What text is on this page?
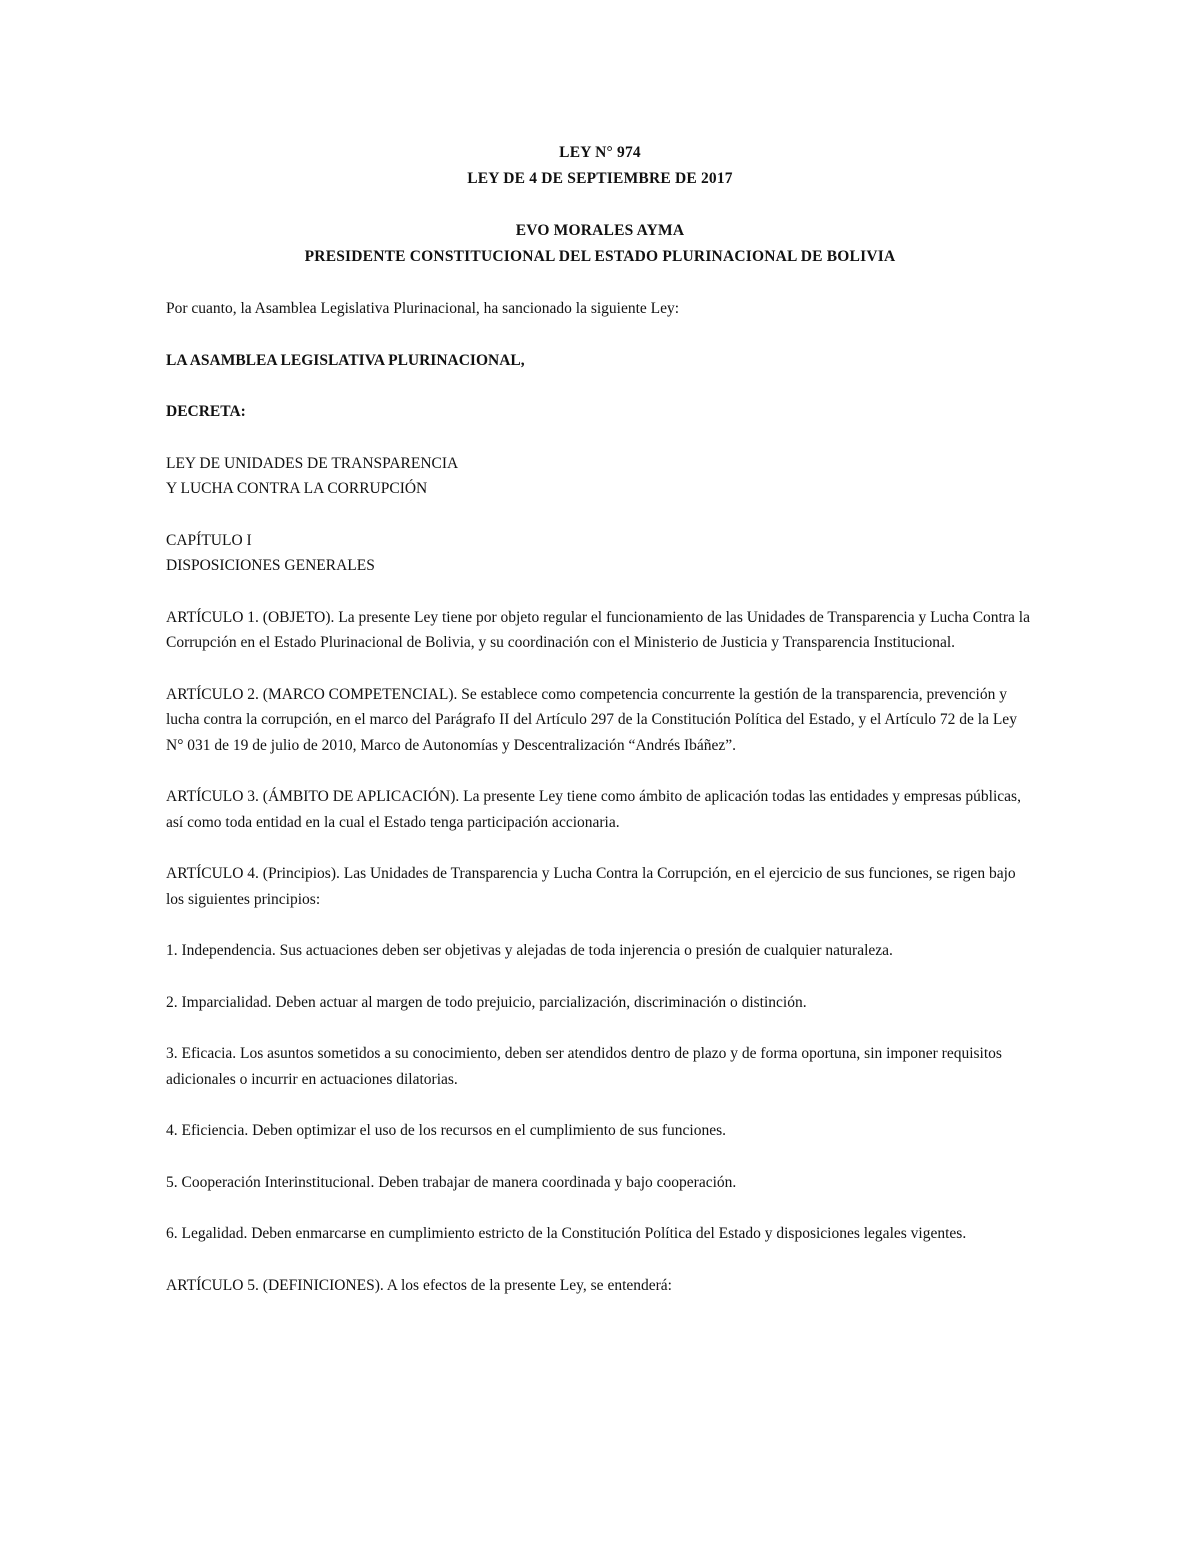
LEY N° 974

LEY DE 4 DE SEPTIEMBRE DE 2017

EVO MORALES AYMA

PRESIDENTE CONSTITUCIONAL DEL ESTADO PLURINACIONAL DE BOLIVIA

Por cuanto, la Asamblea Legislativa Plurinacional, ha sancionado la siguiente Ley:

LA ASAMBLEA LEGISLATIVA PLURINACIONAL,

DECRETA:

LEY DE UNIDADES DE TRANSPARENCIA

Y LUCHA CONTRA LA CORRUPCIÓN

CAPÍTULO I

DISPOSICIONES GENERALES

ARTÍCULO 1. (OBJETO). La presente Ley tiene por objeto regular el funcionamiento de las Unidades de Transparencia y Lucha Contra la Corrupción en el Estado Plurinacional de Bolivia, y su coordinación con el Ministerio de Justicia y Transparencia Institucional.

ARTÍCULO 2. (MARCO COMPETENCIAL). Se establece como competencia concurrente la gestión de la transparencia, prevención y lucha contra la corrupción, en el marco del Parágrafo II del Artículo 297 de la Constitución Política del Estado, y el Artículo 72 de la Ley N° 031 de 19 de julio de 2010, Marco de Autonomías y Descentralización “Andrés Ibáñez”.

ARTÍCULO 3. (ÁMBITO DE APLICACIÓN). La presente Ley tiene como ámbito de aplicación todas las entidades y empresas públicas, así como toda entidad en la cual el Estado tenga participación accionaria.

ARTÍCULO 4. (Principios). Las Unidades de Transparencia y Lucha Contra la Corrupción, en el ejercicio de sus funciones, se rigen bajo los siguientes principios:

1. Independencia. Sus actuaciones deben ser objetivas y alejadas de toda injerencia o presión de cualquier naturaleza.

2. Imparcialidad. Deben actuar al margen de todo prejuicio, parcialización, discriminación o distinción.

3. Eficacia. Los asuntos sometidos a su conocimiento, deben ser atendidos dentro de plazo y de forma oportuna, sin imponer requisitos adicionales o incurrir en actuaciones dilatorias.

4. Eficiencia. Deben optimizar el uso de los recursos en el cumplimiento de sus funciones.

5. Cooperación Interinstitucional. Deben trabajar de manera coordinada y bajo cooperación.

6. Legalidad. Deben enmarcarse en cumplimiento estricto de la Constitución Política del Estado y disposiciones legales vigentes.

ARTÍCULO 5. (DEFINICIONES). A los efectos de la presente Ley, se entenderá:
